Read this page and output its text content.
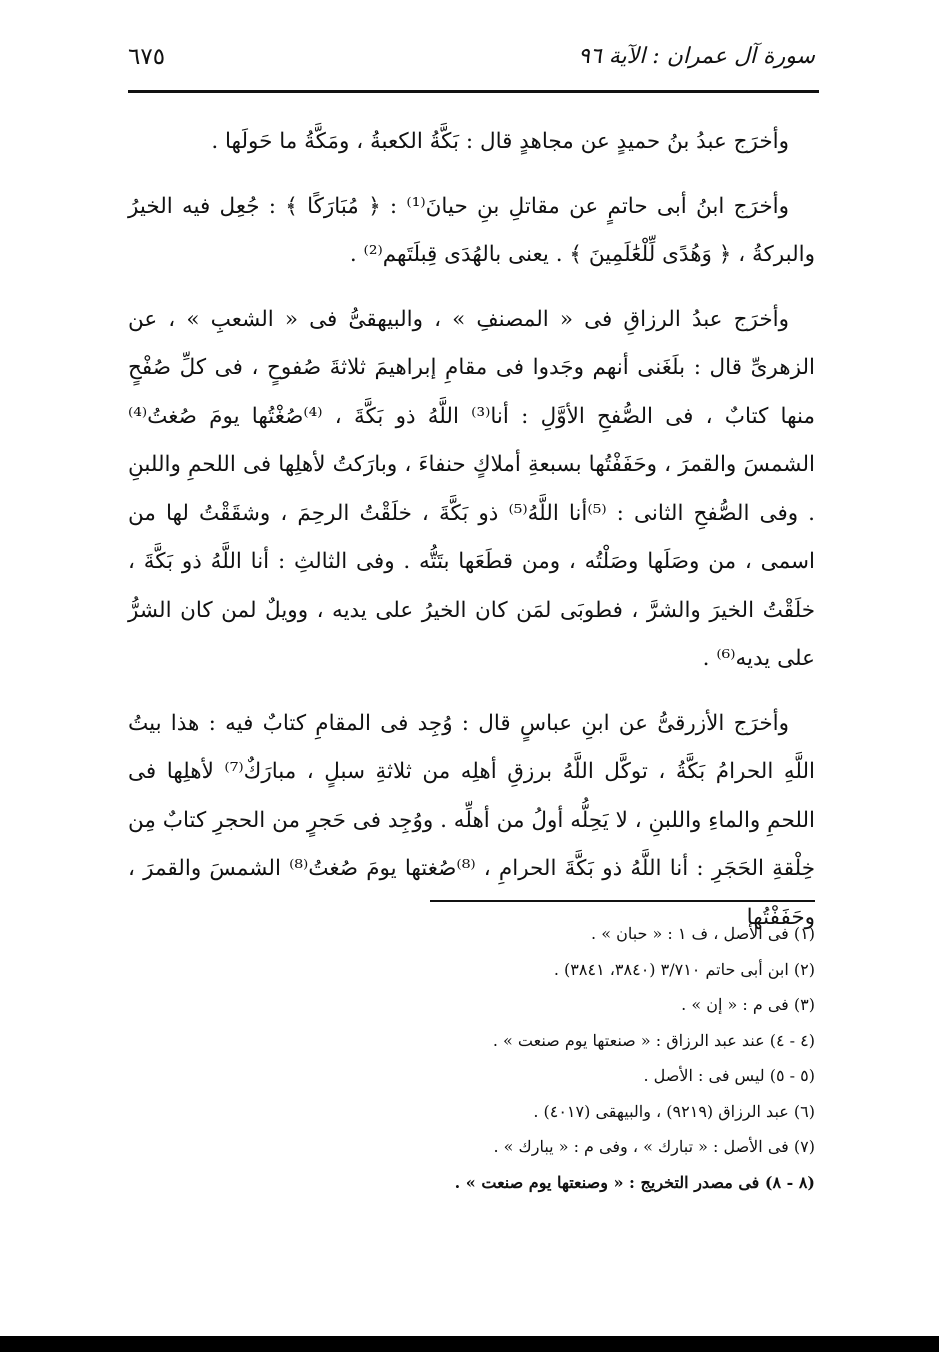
سورة آل عمران : الآية ٩٦
٦٧٥

وأخرَج عبدُ بنُ حميدٍ عن مجاهدٍ قال : بَكَّةُ الكعبةُ ، ومَكَّةُ ما حَولَها .

وأخرَج ابنُ أبى حاتمٍ عن مقاتلِ بنِ حيانَ⁽¹⁾ : ﴿ مُبَارَكًا ﴾ : جُعِل فيه الخيرُ والبركةُ ، ﴿ وَهُدًى لِّلْعَٰلَمِينَ ﴾ . يعنى بالهُدَى قِبلَتَهم⁽²⁾ .

وأخرَج عبدُ الرزاقِ فى « المصنفِ » ، والبيهقىُّ فى « الشعبِ » ، عن الزهرىِّ قال : بلَغَنى أنهم وجَدوا فى مقامِ إبراهيمَ ثلاثةَ صُفوحٍ ، فى كلِّ صُفْحٍ منها كتابٌ ، فى الصُّفحِ الأوَّلِ : أنا⁽³⁾ اللَّهُ ذو بَكَّةَ ، ⁽⁴⁾صُغْتُها يومَ صُغتُ⁽⁴⁾ الشمسَ والقمرَ ، وحَفَفْتُها بسبعةِ أملاكٍ حنفاءَ ، وبارَكتُ لأهلِها فى اللحمِ واللبنِ . وفى الصُّفحِ الثانى : ⁽⁵⁾أنا اللَّهُ⁽⁵⁾ ذو بَكَّةَ ، خلَقْتُ الرحِمَ ، وشقَقْتُ لها من اسمى ، من وصَلَها وصَلْتُه ، ومن قطَعَها بتَتُّه . وفى الثالثِ : أنا اللَّهُ ذو بَكَّةَ ، خلَقْتُ الخيرَ والشرَّ ، فطوبَى لمَن كان الخيرُ على يديه ، وويلٌ لمن كان الشرُّ على يديه⁽⁶⁾ .

وأخرَج الأزرقىُّ عن ابنِ عباسٍ قال : وُجِد فى المقامِ كتابٌ فيه : هذا بيتُ اللَّهِ الحرامُ بَكَّةُ ، توكَّل اللَّهُ برزقِ أهلِه من ثلاثةِ سبلٍ ، مبارَكٌ⁽⁷⁾ لأهلِها فى اللحمِ والماءِ واللبنِ ، لا يَحِلُّه أولُ من أهلِّه . ووُجِد فى حَجرٍ من الحجرِ كتابٌ مِن خِلْقةِ الحَجَرِ : أنا اللَّهُ ذو بَكَّةَ الحرامِ ، ⁽⁸⁾صُغتها يومَ صُغتُ⁽⁸⁾ الشمسَ والقمرَ ، وحَفَفْتُها

(١) فى الأصل ، ف ١ : « حبان » .

(٢) ابن أبى حاتم ٣/٧١٠ (٣٨٤٠، ٣٨٤١) .

(٣) فى م : « إن » .

(٤ - ٤) عند عبد الرزاق : « صنعتها يوم صنعت » .

(٥ - ٥) ليس فى : الأصل .

(٦) عبد الرزاق (٩٢١٩) ، والبيهقى (٤٠١٧) .

(٧) فى الأصل : « تبارك » ، وفى م : « يبارك » .

(٨ - ٨) فى مصدر التخريج : « وصنعتها يوم صنعت » .
